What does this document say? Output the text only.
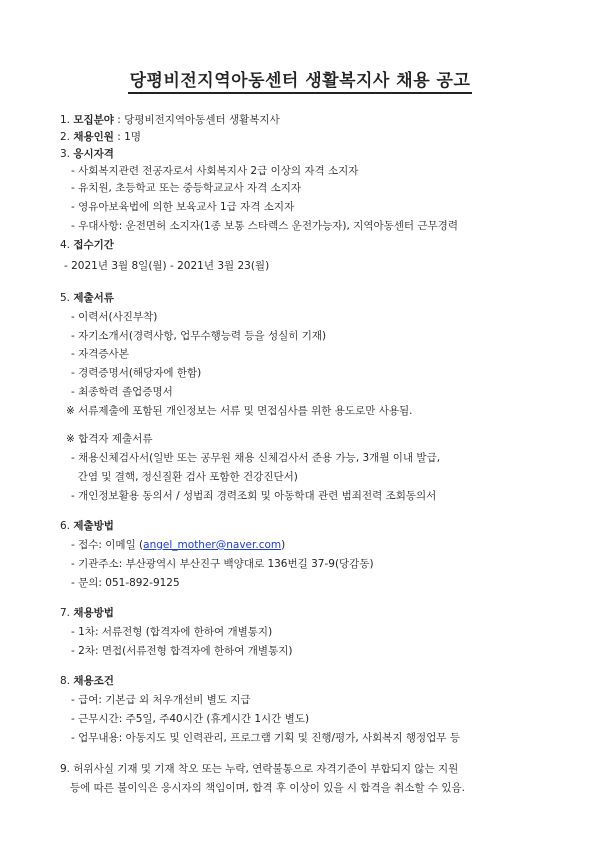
당평비전지역아동센터 생활복지사 채용 공고
1. 모집분야 : 당평비전지역아동센터 생활복지사
2. 채용인원 : 1명
3. 응시자격
- 사회복지관련 전공자로서 사회복지사 2급 이상의 자격 소지자
- 유치원, 초등학교 또는 중등학교교사 자격 소지자
- 영유아보육법에 의한 보육교사 1급 자격 소지자
- 우대사항: 운전면허 소지자(1종 보통 스타렉스 운전가능자), 지역아동센터 근무경력
4. 접수기간
- 2021년 3월 8일(월) - 2021년 3월 23(월)
5. 제출서류
- 이력서(사진부착)
- 자기소개서(경력사항, 업무수행능력 등을 성실히 기재)
- 자격증사본
- 경력증명서(해당자에 한함)
- 최종학력 졸업증명서
※ 서류제출에 포함된 개인정보는 서류 및 면접심사를 위한 용도로만 사용됨.
※ 합격자 제출서류
- 채용신체검사서(일반 또는 공무원 채용 신체검사서 준용 가능, 3개월 이내 발급,
간염 및 결핵, 정신질환 검사 포함한 건강진단서)
- 개인정보활용 동의서 / 성범죄 경력조회 및 아동학대 관련 범죄전력 조회동의서
6. 제출방법
- 접수: 이메일 (angel_mother@naver.com)
- 기관주소: 부산광역시 부산진구 백양대로 136번길 37-9(당감동)
- 문의: 051-892-9125
7. 채용방법
- 1차: 서류전형 (합격자에 한하여 개별통지)
- 2차: 면접(서류전형 합격자에 한하여 개별통지)
8. 채용조건
- 급여: 기본급 외 처우개선비 별도 지급
- 근무시간: 주5일, 주40시간 (휴게시간 1시간 별도)
- 업무내용: 아동지도 및 인력관리, 프로그램 기획 및 진행/평가, 사회복지 행정업무 등
9. 허위사실 기재 및 기재 착오 또는 누락, 연락불통으로 자격기준이 부합되지 않는 지원
등에 따른 불이익은 응시자의 책임이며, 합격 후 이상이 있을 시 합격을 취소할 수 있음.
